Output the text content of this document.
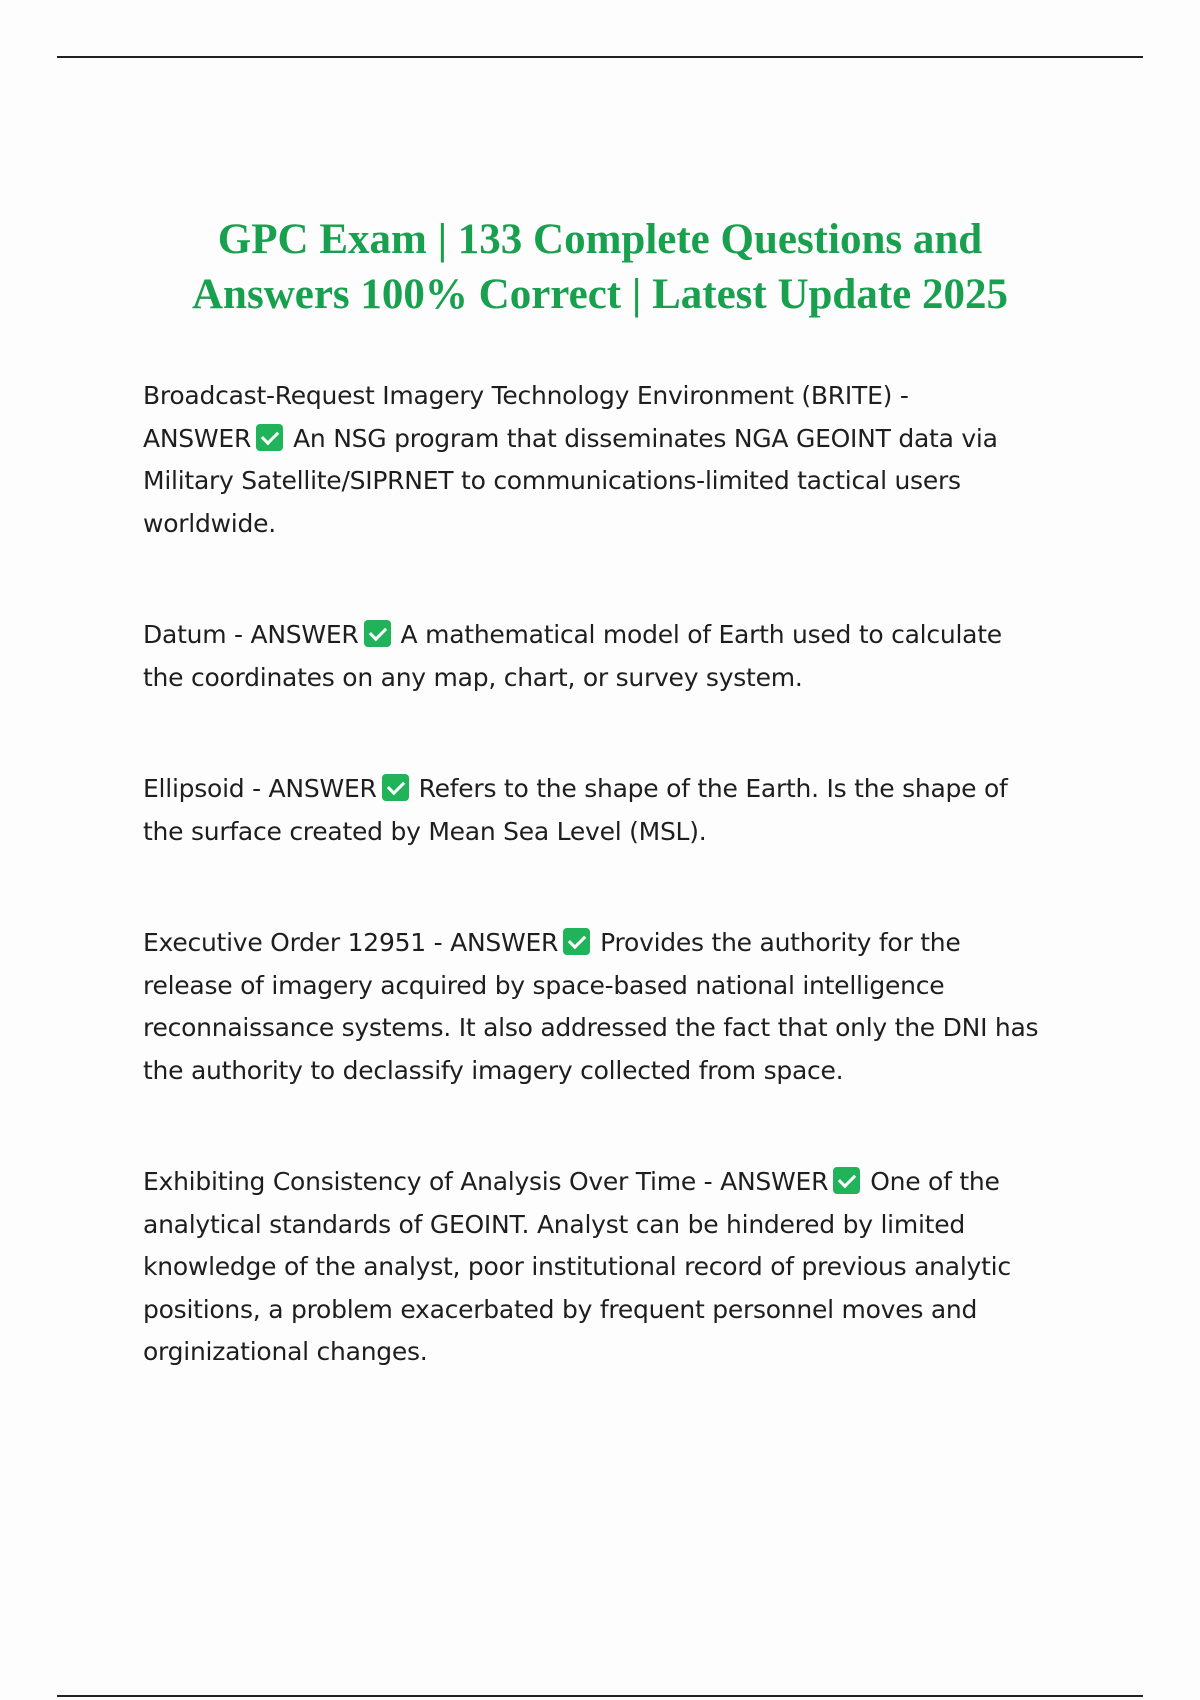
GPC Exam | 133 Complete Questions and
Answers 100% Correct | Latest Update 2025
Broadcast-Request Imagery Technology Environment (BRITE) -
ANSWER An NSG program that disseminates NGA GEOINT data via
Military Satellite/SIPRNET to communications-limited tactical users
worldwide.
Datum - ANSWER A mathematical model of Earth used to calculate
the coordinates on any map, chart, or survey system.
Ellipsoid - ANSWER Refers to the shape of the Earth. Is the shape of
the surface created by Mean Sea Level (MSL).
Executive Order 12951 - ANSWER Provides the authority for the
release of imagery acquired by space-based national intelligence
reconnaissance systems. It also addressed the fact that only the DNI has
the authority to declassify imagery collected from space.
Exhibiting Consistency of Analysis Over Time - ANSWER One of the
analytical standards of GEOINT. Analyst can be hindered by limited
knowledge of the analyst, poor institutional record of previous analytic
positions, a problem exacerbated by frequent personnel moves and
orginizational changes.
